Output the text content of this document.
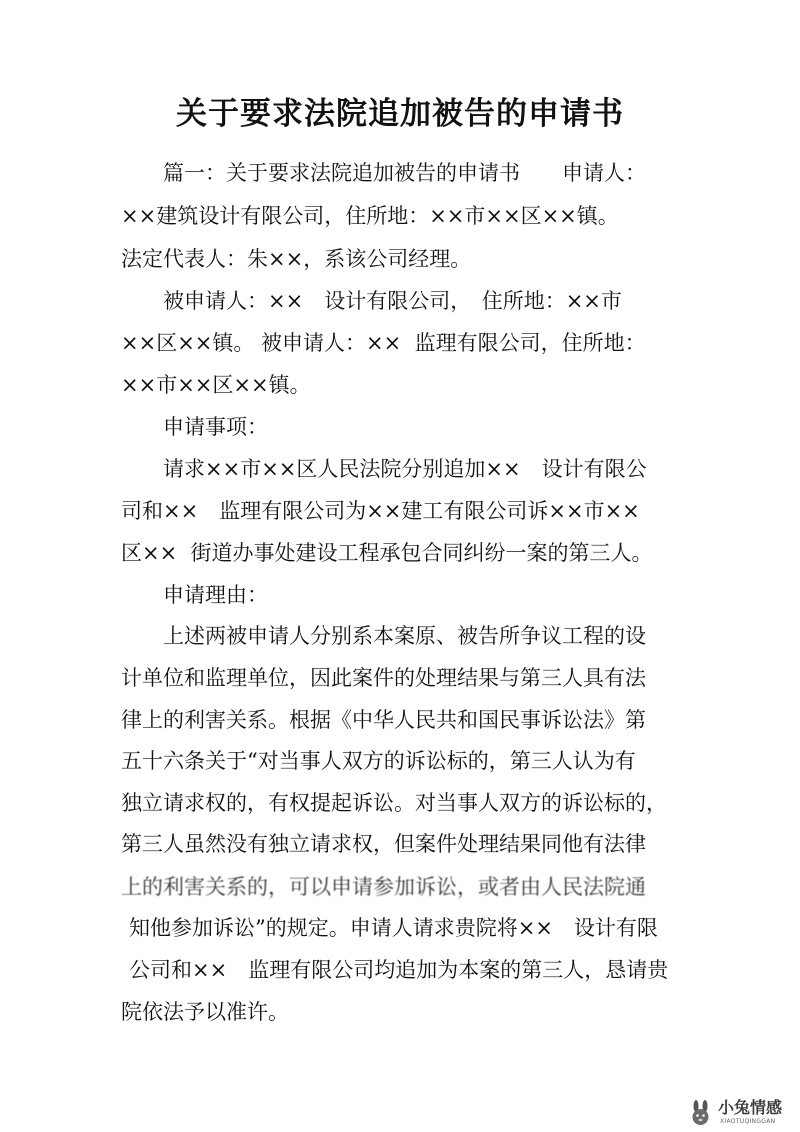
关于要求法院追加被告的申请书
篇一：关于要求法院追加被告的申请书　　申请人：
××建筑设计有限公司，住所地：××市××区××镇。
法定代表人：朱××，系该公司经理。
被申请人：××　设计有限公司，　住所地：××市
××区××镇。 被申请人：××  监理有限公司，住所地：
××市××区××镇。
申请事项：
请求××市××区人民法院分别追加××　设计有限公
司和××　监理有限公司为××建工有限公司诉××市××
区××  街道办事处建设工程承包合同纠纷一案的第三人。
申请理由：
上述两被申请人分别系本案原、被告所争议工程的设
计单位和监理单位，因此案件的处理结果与第三人具有法
律上的利害关系。根据《中华人民共和国民事诉讼法》第
五十六条关于“对当事人双方的诉讼标的，第三人认为有
独立请求权的，有权提起诉讼。对当事人双方的诉讼标的，
第三人虽然没有独立请求权，但案件处理结果同他有法律
上的利害关系的，可以申请参加诉讼，或者由人民法院通
知他参加诉讼”的规定。申请人请求贵院将××　设计有限
公司和××　监理有限公司均追加为本案的第三人，恳请贵
院依法予以准许。
小兔情感
XIAOTUQINGGAN
